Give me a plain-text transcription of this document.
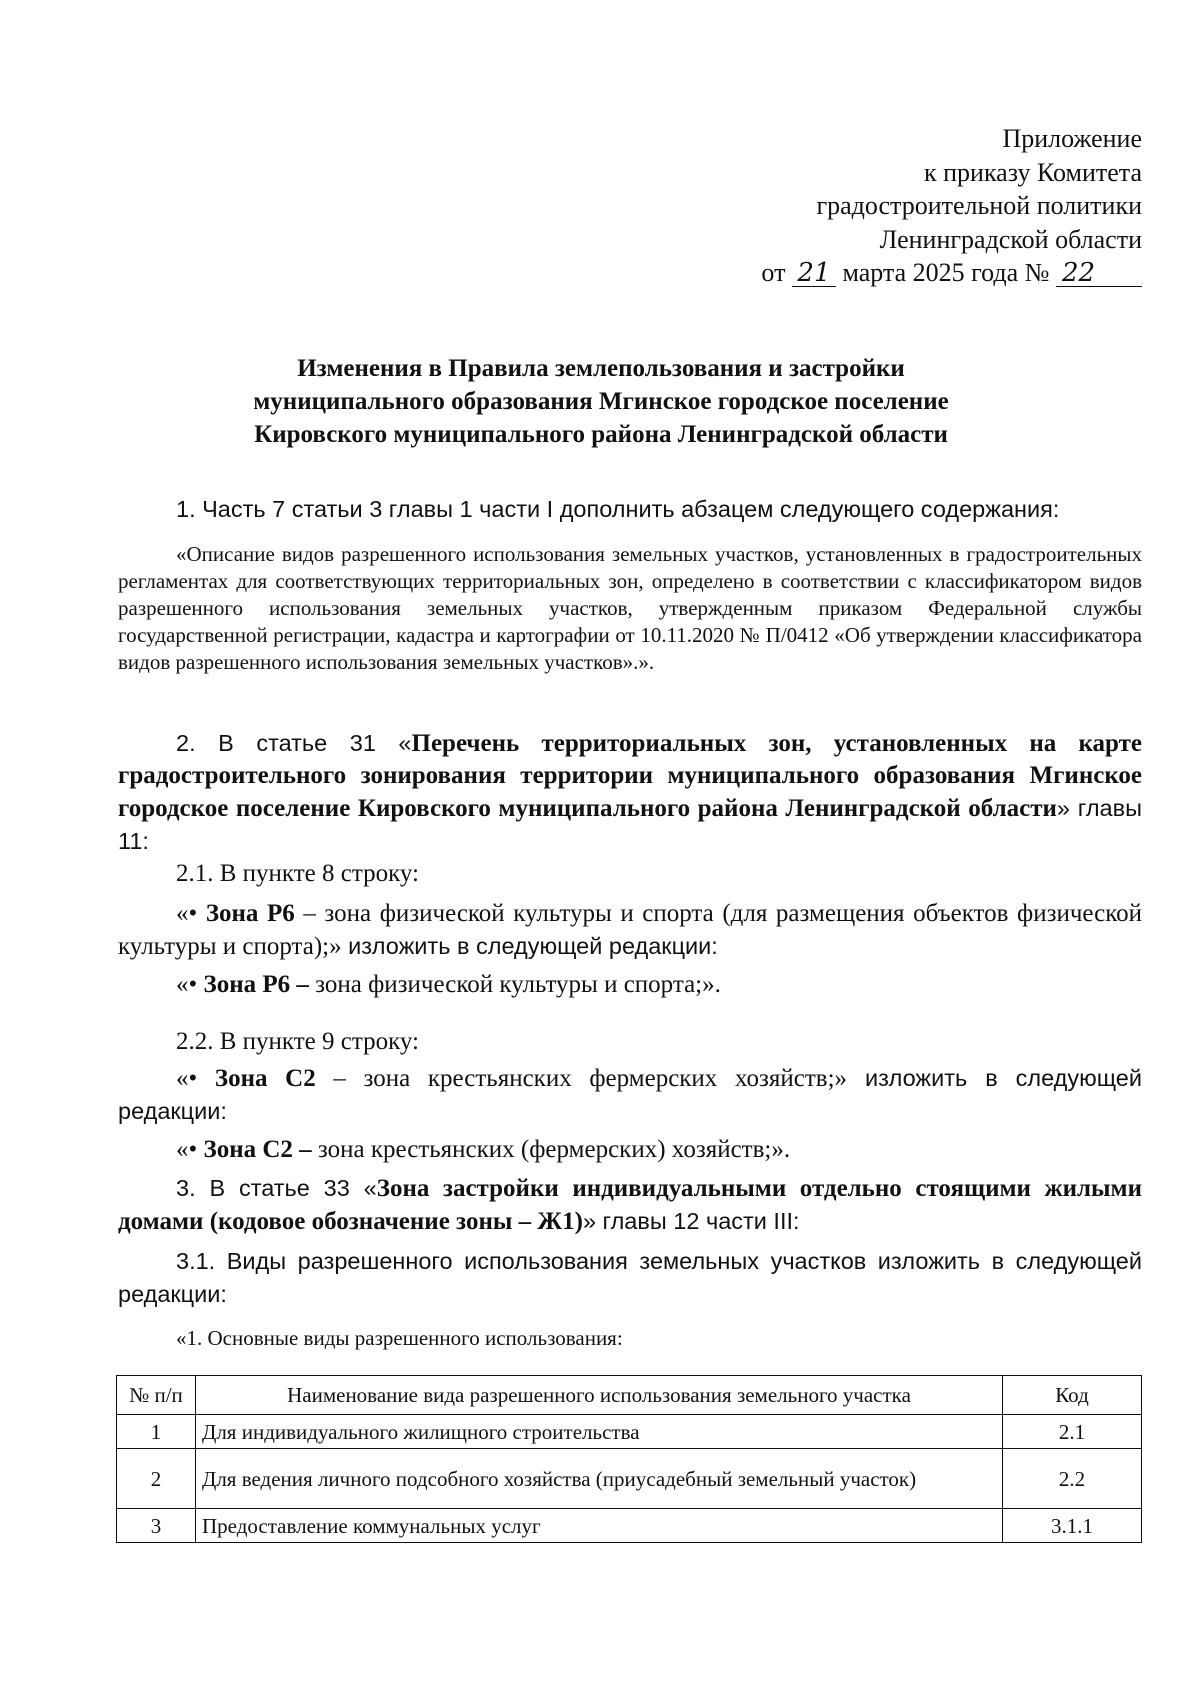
Приложение
к приказу Комитета
градостроительной политики
Ленинградской области
от 21 марта 2025 года № 22
Изменения в Правила землепользования и застройки
муниципального образования Мгинское городское поселение
Кировского муниципального района Ленинградской области
1. Часть 7 статьи 3 главы 1 части I дополнить абзацем следующего содержания:
«Описание видов разрешенного использования земельных участков, установленных в градостроительных регламентах для соответствующих территориальных зон, определено в соответствии с классификатором видов разрешенного использования земельных участков, утвержденным приказом Федеральной службы государственной регистрации, кадастра и картографии от 10.11.2020 № П/0412 «Об утверждении классификатора видов разрешенного использования земельных участков».».
2. В статье 31 «Перечень территориальных зон, установленных на карте градостроительного зонирования территории муниципального образования Мгинское городское поселение Кировского муниципального района Ленинградской области» главы 11:
2.1. В пункте 8 строку:
«• Зона Р6 – зона физической культуры и спорта (для размещения объектов физической культуры и спорта);» изложить в следующей редакции:
«• Зона Р6 – зона физической культуры и спорта;».
2.2. В пункте 9 строку:
«• Зона С2 – зона крестьянских фермерских хозяйств;» изложить в следующей редакции:
«• Зона С2 – зона крестьянских (фермерских) хозяйств;».
3. В статье 33 «Зона застройки индивидуальными отдельно стоящими жилыми домами (кодовое обозначение зоны – Ж1)» главы 12 части III:
3.1. Виды разрешенного использования земельных участков изложить в следующей редакции:
«1. Основные виды разрешенного использования:
№ п/п	Наименование вида разрешенного использования земельного участка	Код
1	Для индивидуального жилищного строительства	2.1
2	Для ведения личного подсобного хозяйства (приусадебный земельный участок)	2.2
3	Предоставление коммунальных услуг	3.1.1
